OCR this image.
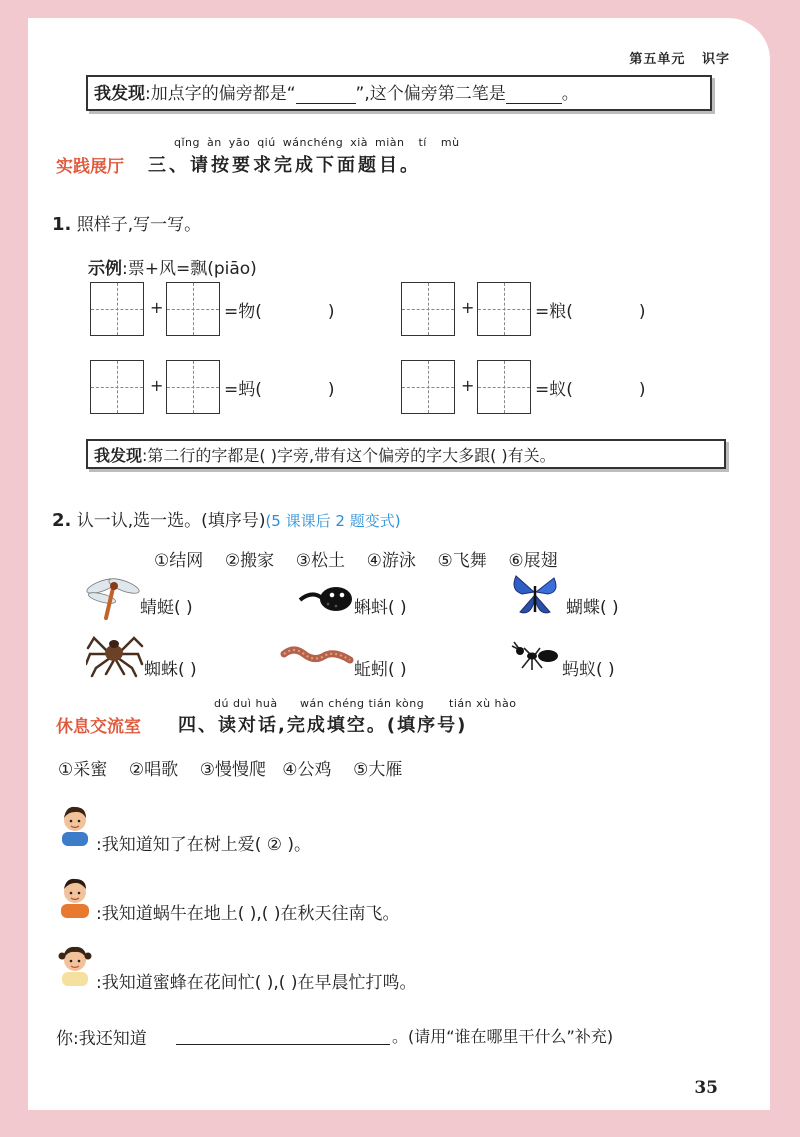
第五单元 识字
我发现:加点字的偏旁都是“	”,这个偏旁第二笔是	。
实践展厅
qǐng àn yāo qiú wánchéng xià miàn tí mù
三、请按要求完成下面题目。
1. 照样子,写一写。
示例:票+风=飘(piāo)
+	=物(	)	+	=粮(	)
+	=蚂(	)	+	=蚁(	)
我发现:第二行的字都是( )字旁,带有这个偏旁的字大多跟( )有关。
2. 认一认,选一选。(填序号)(5 课课后 2 题变式)
①结网 ②搬家 ③松土 ④游泳 ⑤飞舞 ⑥展翅
蜻蜓( )	蝌蚪( )	蝴蝶( )
蜘蛛( )	蚯蚓( )	蚂蚁( )
dú duì huà wán chéng tián kòng tián xù hào
休息交流室 四、读对话,完成填空。(填序号)
①采蜜 ②唱歌 ③慢慢爬 ④公鸡 ⑤大雁
:我知道知了在树上爱( ② )。
:我知道蜗牛在地上( ),( )在秋天往南飞。
:我知道蜜蜂在花间忙( ),( )在早晨忙打鸣。
你:我还知道	。(请用“谁在哪里干什么”补充)
35
